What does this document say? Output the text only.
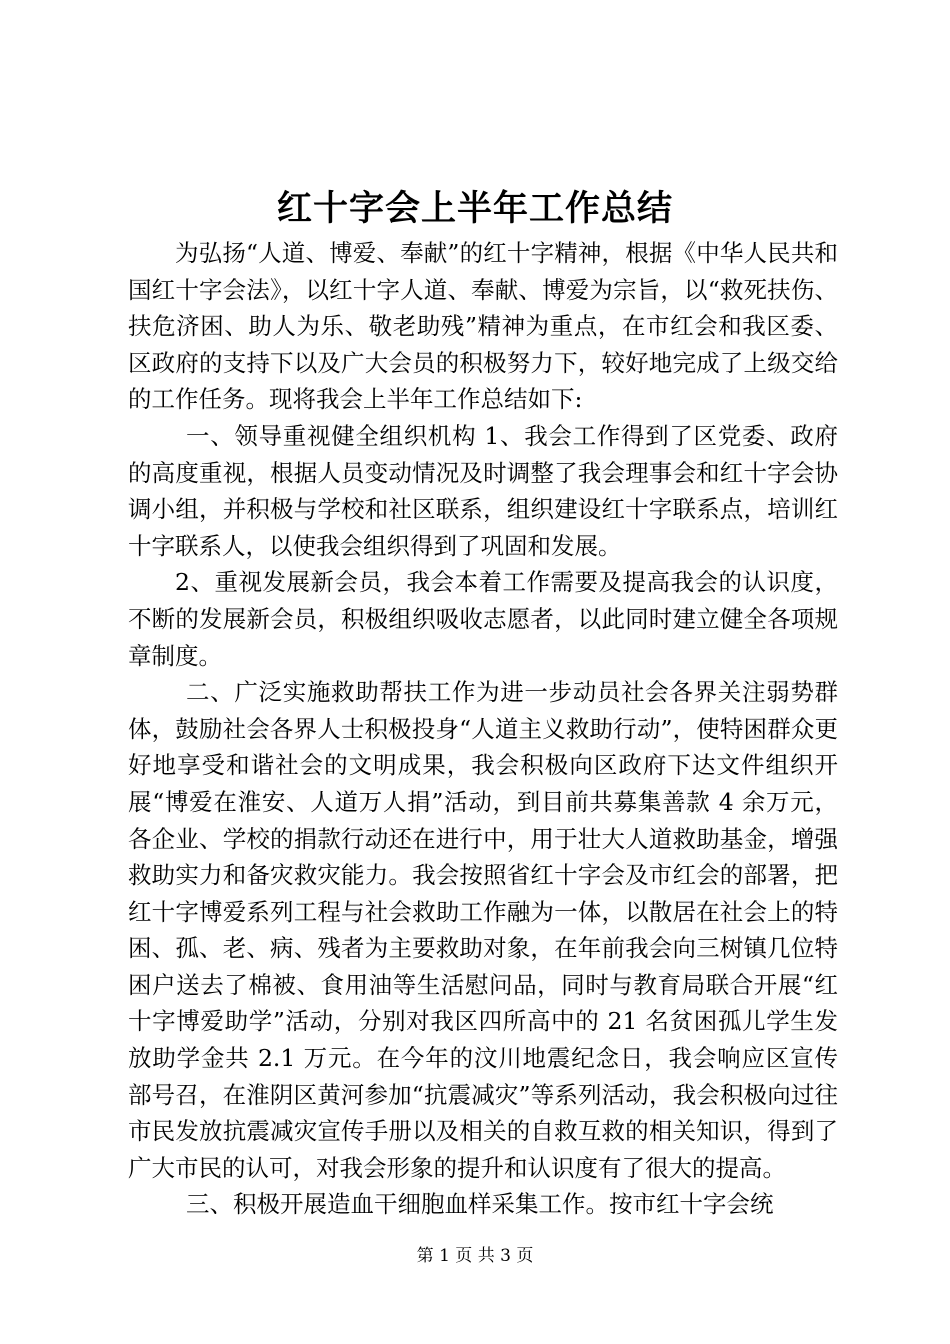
红十字会上半年工作总结

为弘扬“人道、博爱、奉献”的红十字精神，根据《中华人民共和国红十字会法》，以红十字人道、奉献、博爱为宗旨，以“救死扶伤、扶危济困、助人为乐、敬老助残”精神为重点，在市红会和我区委、区政府的支持下以及广大会员的积极努力下，较好地完成了上级交给的工作任务。现将我会上半年工作总结如下:

一、领导重视健全组织机构 1、我会工作得到了区党委、政府的高度重视，根据人员变动情况及时调整了我会理事会和红十字会协调小组，并积极与学校和社区联系，组织建设红十字联系点，培训红十字联系人，以使我会组织得到了巩固和发展。

2、重视发展新会员，我会本着工作需要及提高我会的认识度，不断的发展新会员，积极组织吸收志愿者，以此同时建立健全各项规章制度。

二、广泛实施救助帮扶工作为进一步动员社会各界关注弱势群体，鼓励社会各界人士积极投身“人道主义救助行动”，使特困群众更好地享受和谐社会的文明成果，我会积极向区政府下达文件组织开展“博爱在淮安、人道万人捐”活动，到目前共募集善款 4 余万元，各企业、学校的捐款行动还在进行中，用于壮大人道救助基金，增强救助实力和备灾救灾能力。我会按照省红十字会及市红会的部署，把红十字博爱系列工程与社会救助工作融为一体，以散居在社会上的特困、孤、老、病、残者为主要救助对象，在年前我会向三树镇几位特困户送去了棉被、食用油等生活慰问品，同时与教育局联合开展“红十字博爱助学”活动，分别对我区四所高中的 21 名贫困孤儿学生发放助学金共 2.1 万元。在今年的汶川地震纪念日，我会响应区宣传部号召，在淮阴区黄河参加“抗震减灾”等系列活动，我会积极向过往市民发放抗震减灾宣传手册以及相关的自救互救的相关知识，得到了广大市民的认可，对我会形象的提升和认识度有了很大的提高。

三、积极开展造血干细胞血样采集工作。按市红十字会统

第 1 页 共 3 页
